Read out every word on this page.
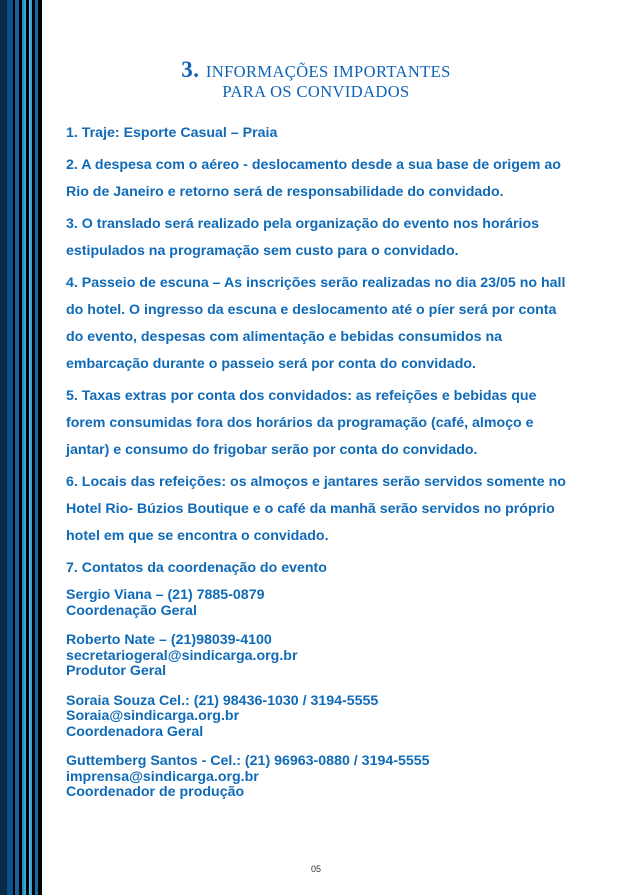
3. INFORMAÇÕES IMPORTANTES
PARA OS CONVIDADOS
1. Traje: Esporte Casual – Praia
2. A despesa com o aéreo - deslocamento desde a sua base de origem ao Rio de Janeiro e retorno será de responsabilidade do convidado.
3. O translado será realizado pela organização do evento nos horários estipulados na programação sem custo para o convidado.
4. Passeio de escuna – As inscrições serão realizadas no dia 23/05 no hall do hotel. O ingresso da escuna e deslocamento até o píer será por conta do evento, despesas com alimentação e bebidas consumidos na embarcação durante o passeio será por conta do convidado.
5. Taxas extras por conta dos convidados: as refeições e bebidas que forem consumidas fora dos horários da programação (café, almoço e jantar) e consumo do frigobar serão por conta do convidado.
6. Locais das refeições: os almoços e jantares serão servidos somente no Hotel Rio- Búzios Boutique e o café da manhã serão servidos no próprio hotel em que se encontra o convidado.
7. Contatos da coordenação do evento
Sergio Viana – (21) 7885-0879
Coordenação Geral
Roberto Nate – (21)98039-4100
secretariogeral@sindicarga.org.br
Produtor Geral
Soraia Souza Cel.: (21) 98436-1030 / 3194-5555
Soraia@sindicarga.org.br
Coordenadora Geral
Guttemberg Santos - Cel.: (21) 96963-0880 / 3194-5555
imprensa@sindicarga.org.br
Coordenador de produção
05
